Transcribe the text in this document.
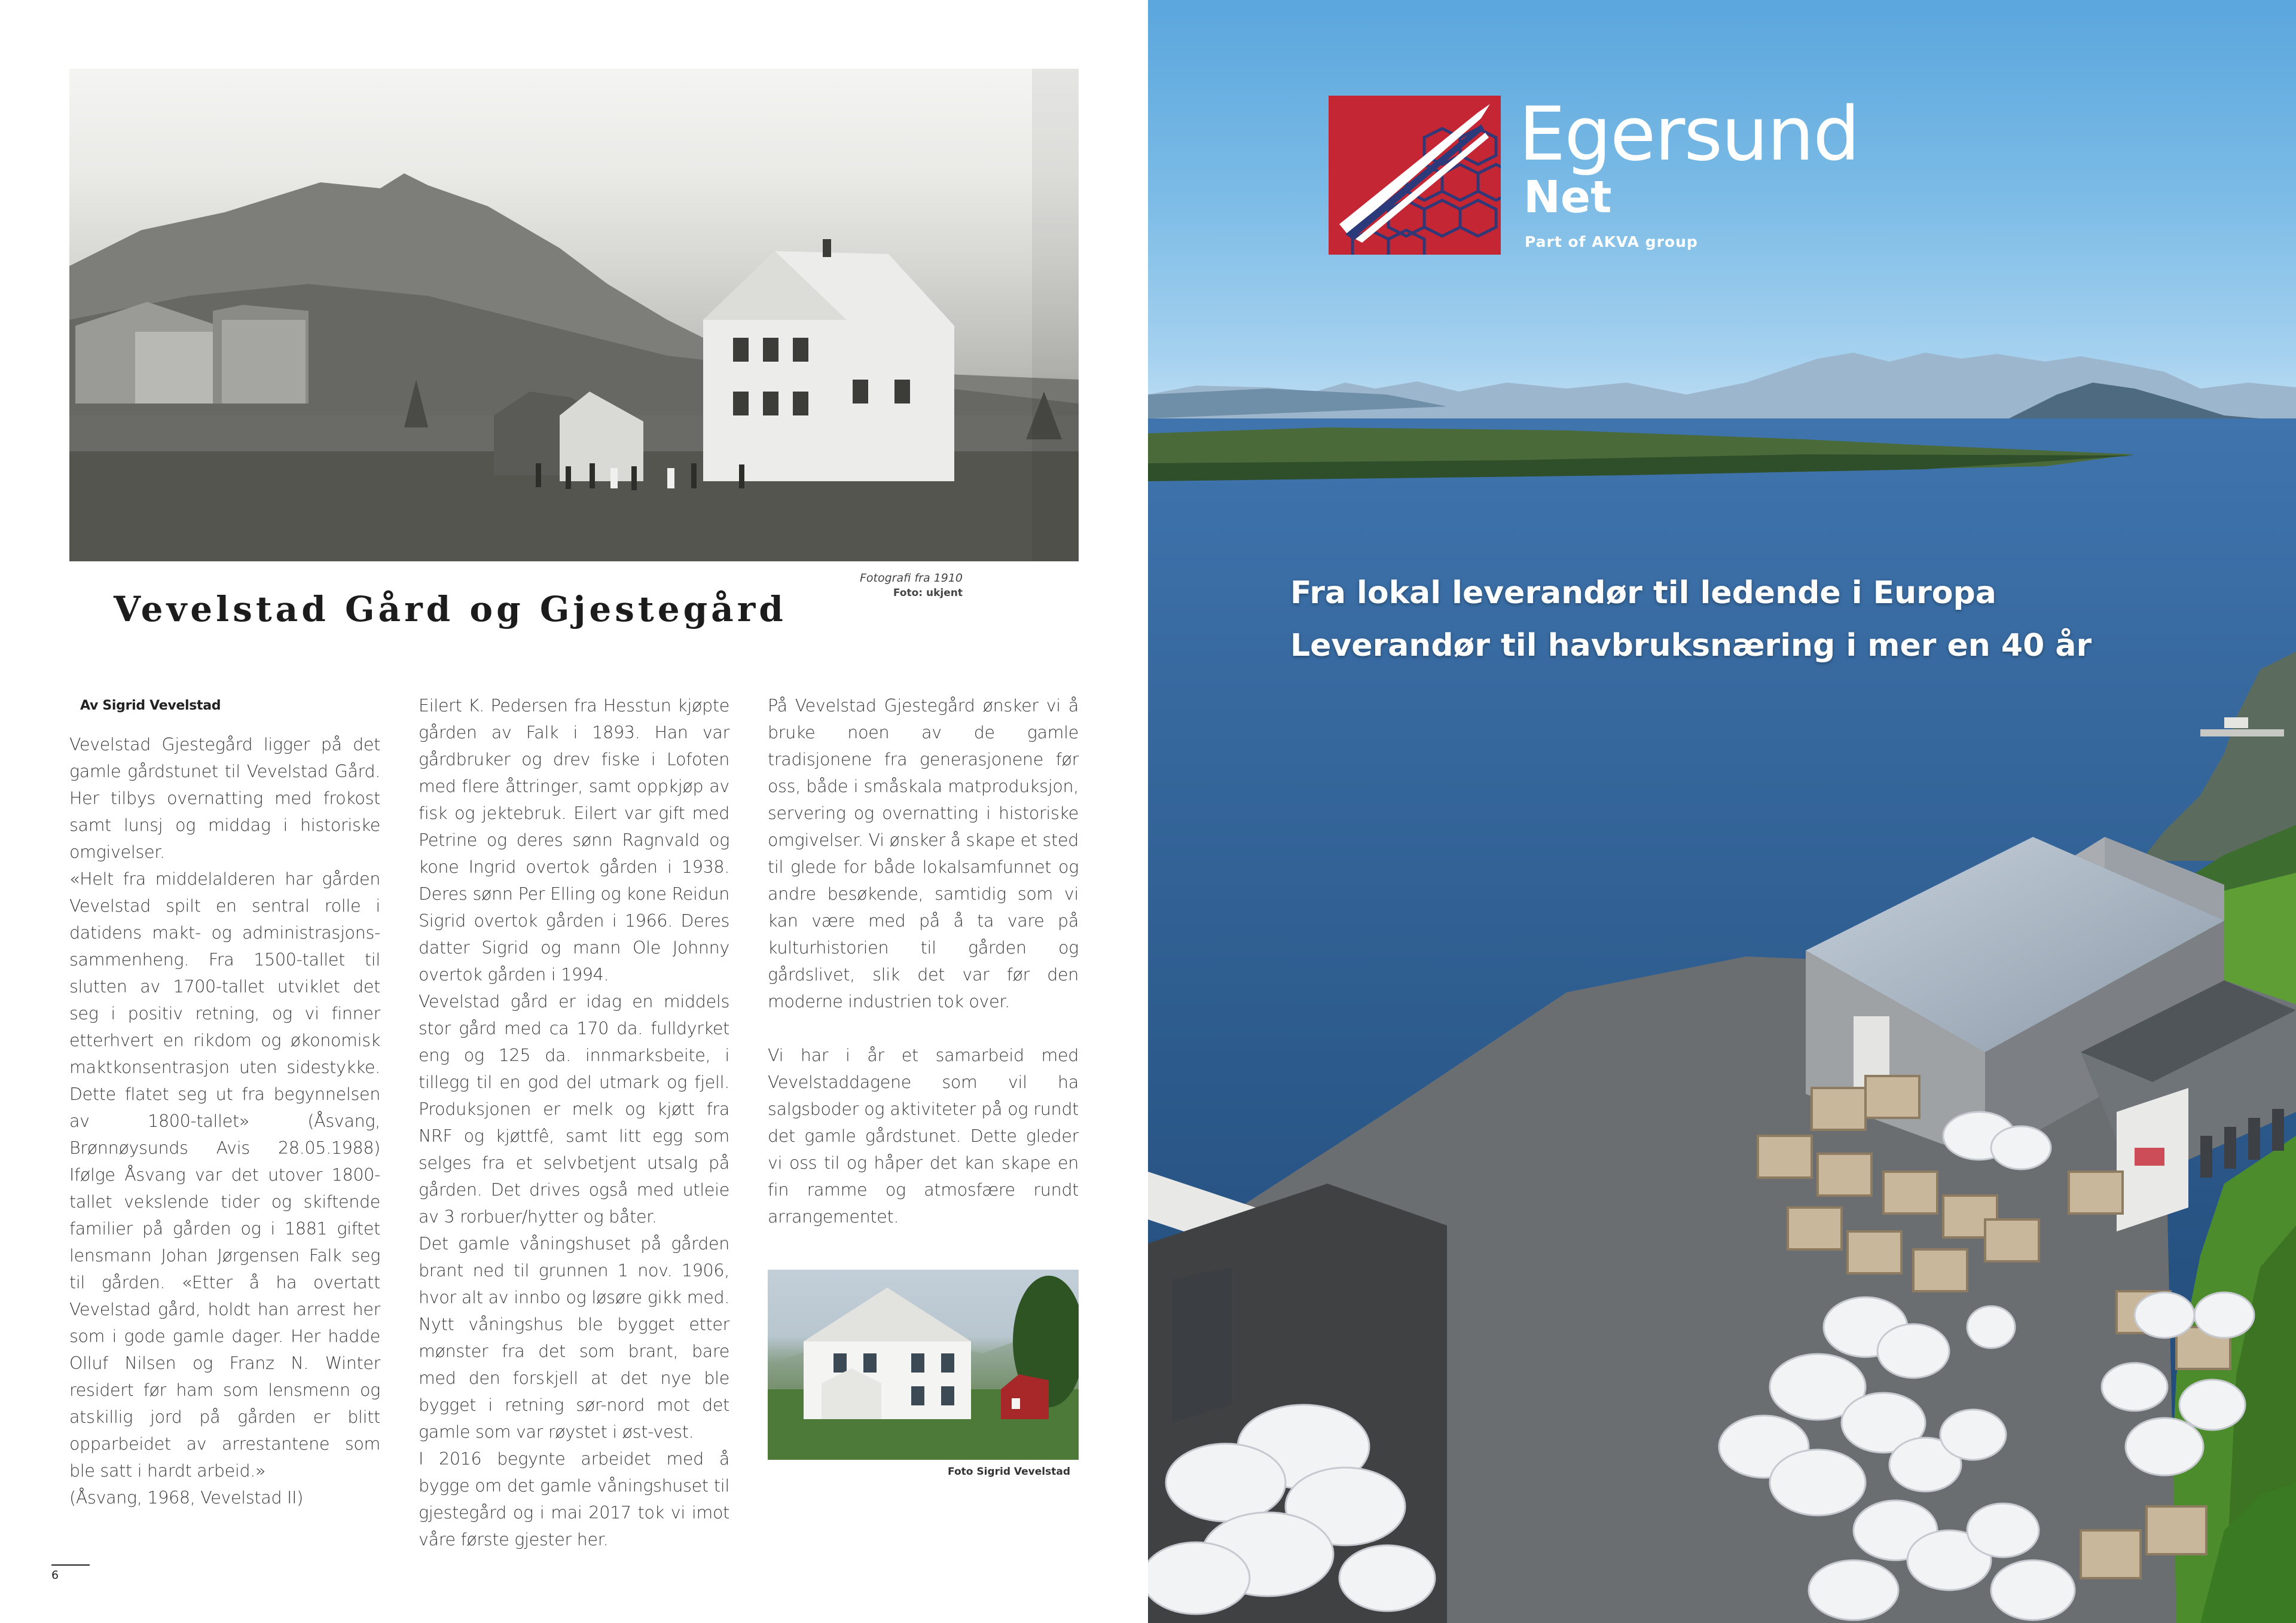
Fotografi fra 1910
Foto: ukjent
Vevelstad Gård og Gjestegård
Av Sigrid Vevelstad

Vevelstad Gjestegård ligger på det gamle gårdstunet til Vevelstad Gård. Her tilbys overnatting med frokost samt lunsj og middag i historiske omgivelser.

«Helt fra middelalderen har gården Vevelstad spilt en sentral rolle i datidens makt- og administrasjons-sammenheng. Fra 1500-tallet til slutten av 1700-tallet utviklet det seg i positiv retning, og vi finner etterhvert en rikdom og økonomisk maktkonsentrasjon uten sidestykke. Dette flatet seg ut fra begynnelsen av 1800-tallet» (Åsvang, Brønnøysunds Avis 28.05.1988) Ifølge Åsvang var det utover 1800-tallet vekslende tider og skiftende familier på gården og i 1881 giftet lensmann Johan Jørgensen Falk seg til gården. «Etter å ha overtatt Vevelstad gård, holdt han arrest her som i gode gamle dager. Her hadde Olluf Nilsen og Franz N. Winter residert før ham som lensmenn og atskillig jord på gården er blitt opparbeidet av arrestantene som ble satt i hardt arbeid.»

(Åsvang, 1968, Vevelstad II)

Eilert K. Pedersen fra Hesstun kjøpte gården av Falk i 1893. Han var gårdbruker og drev fiske i Lofoten med flere åttringer, samt oppkjøp av fisk og jektebruk. Eilert var gift med Petrine og deres sønn Ragnvald og kone Ingrid overtok gården i 1938. Deres sønn Per Elling og kone Reidun Sigrid overtok gården i 1966. Deres datter Sigrid og mann Ole Johnny overtok gården i 1994.

Vevelstad gård er idag en middels stor gård med ca 170 da. fulldyrket eng og 125 da. innmarksbeite, i tillegg til en god del utmark og fjell. Produksjonen er melk og kjøtt fra NRF og kjøttfê, samt litt egg som selges fra et selvbetjent utsalg på gården. Det drives også med utleie av 3 rorbuer/hytter og båter.

Det gamle våningshuset på gården brant ned til grunnen 1 nov. 1906, hvor alt av innbo og løsøre gikk med. Nytt våningshus ble bygget etter mønster fra det som brant, bare med den forskjell at det nye ble bygget i retning sør-nord mot det gamle som var røystet i øst-vest.

I 2016 begynte arbeidet med å bygge om det gamle våningshuset til gjestegård og i mai 2017 tok vi imot våre første gjester her.

På Vevelstad Gjestegård ønsker vi å bruke noen av de gamle tradisjonene fra generasjonene før oss, både i småskala matproduksjon, servering og overnatting i historiske omgivelser. Vi ønsker å skape et sted til glede for både lokalsamfunnet og andre besøkende, samtidig som vi kan være med på å ta vare på kulturhistorien til gården og gårdslivet, slik det var før den moderne industrien tok over.

Vi har i år et samarbeid med Vevelstaddagene som vil ha salgsboder og aktiviteter på og rundt det gamle gårdstunet. Dette gleder vi oss til og håper det kan skape en fin ramme og atmosfære rundt arrangementet.

Foto Sigrid Vevelstad
6
Egersund
Net
Part of AKVA group
Fra lokal leverandør til ledende i Europa
Leverandør til havbruksnæring i mer en 40 år
